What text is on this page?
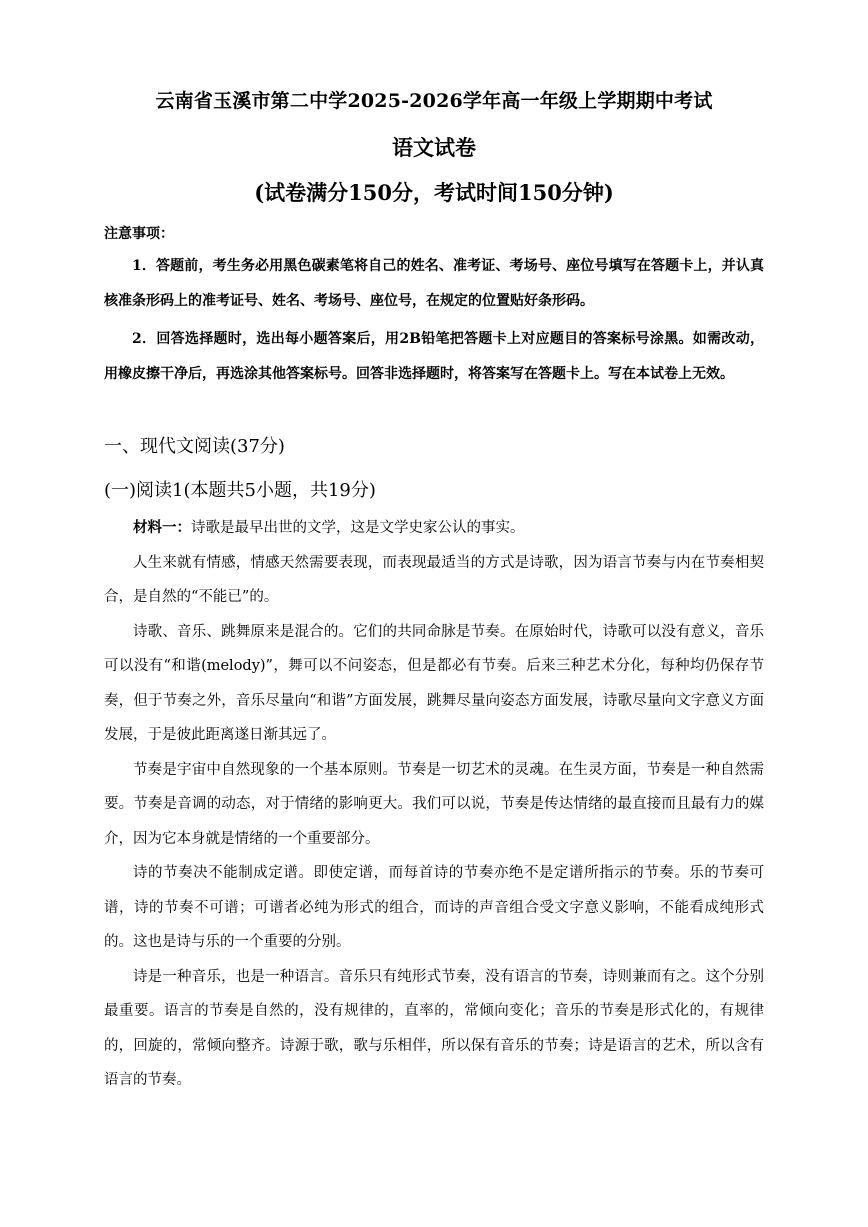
云南省玉溪市第二中学2025-2026学年高一年级上学期期中考试
语文试卷
(试卷满分150分，考试时间150分钟)

注意事项：

1．答题前，考生务必用黑色碳素笔将自己的姓名、准考证、考场号、座位号填写在答题卡上，并认真核准条形码上的准考证号、姓名、考场号、座位号，在规定的位置贴好条形码。

2．回答选择题时，选出每小题答案后，用2B铅笔把答题卡上对应题目的答案标号涂黑。如需改动，用橡皮擦干净后，再选涂其他答案标号。回答非选择题时，将答案写在答题卡上。写在本试卷上无效。

一、现代文阅读(37分)
(一)阅读1(本题共5小题，共19分)

材料一：诗歌是最早出世的文学，这是文学史家公认的事实。

人生来就有情感，情感天然需要表现，而表现最适当的方式是诗歌，因为语言节奏与内在节奏相契合，是自然的“不能已”的。

诗歌、音乐、跳舞原来是混合的。它们的共同命脉是节奏。在原始时代，诗歌可以没有意义，音乐可以没有“和谐(melody)”，舞可以不问姿态，但是都必有节奏。后来三种艺术分化，每种均仍保存节奏，但于节奏之外，音乐尽量向“和谐”方面发展，跳舞尽量向姿态方面发展，诗歌尽量向文字意义方面发展，于是彼此距离遂日渐其远了。

节奏是宇宙中自然现象的一个基本原则。节奏是一切艺术的灵魂。在生灵方面，节奏是一种自然需要。节奏是音调的动态，对于情绪的影响更大。我们可以说，节奏是传达情绪的最直接而且最有力的媒介，因为它本身就是情绪的一个重要部分。

诗的节奏决不能制成定谱。即使定谱，而每首诗的节奏亦绝不是定谱所指示的节奏。乐的节奏可谱，诗的节奏不可谱；可谱者必纯为形式的组合，而诗的声音组合受文字意义影响，不能看成纯形式的。这也是诗与乐的一个重要的分别。

诗是一种音乐，也是一种语言。音乐只有纯形式节奏，没有语言的节奏，诗则兼而有之。这个分别最重要。语言的节奏是自然的，没有规律的，直率的，常倾向变化；音乐的节奏是形式化的，有规律的，回旋的，常倾向整齐。诗源于歌，歌与乐相伴，所以保有音乐的节奏；诗是语言的艺术，所以含有语言的节奏。
